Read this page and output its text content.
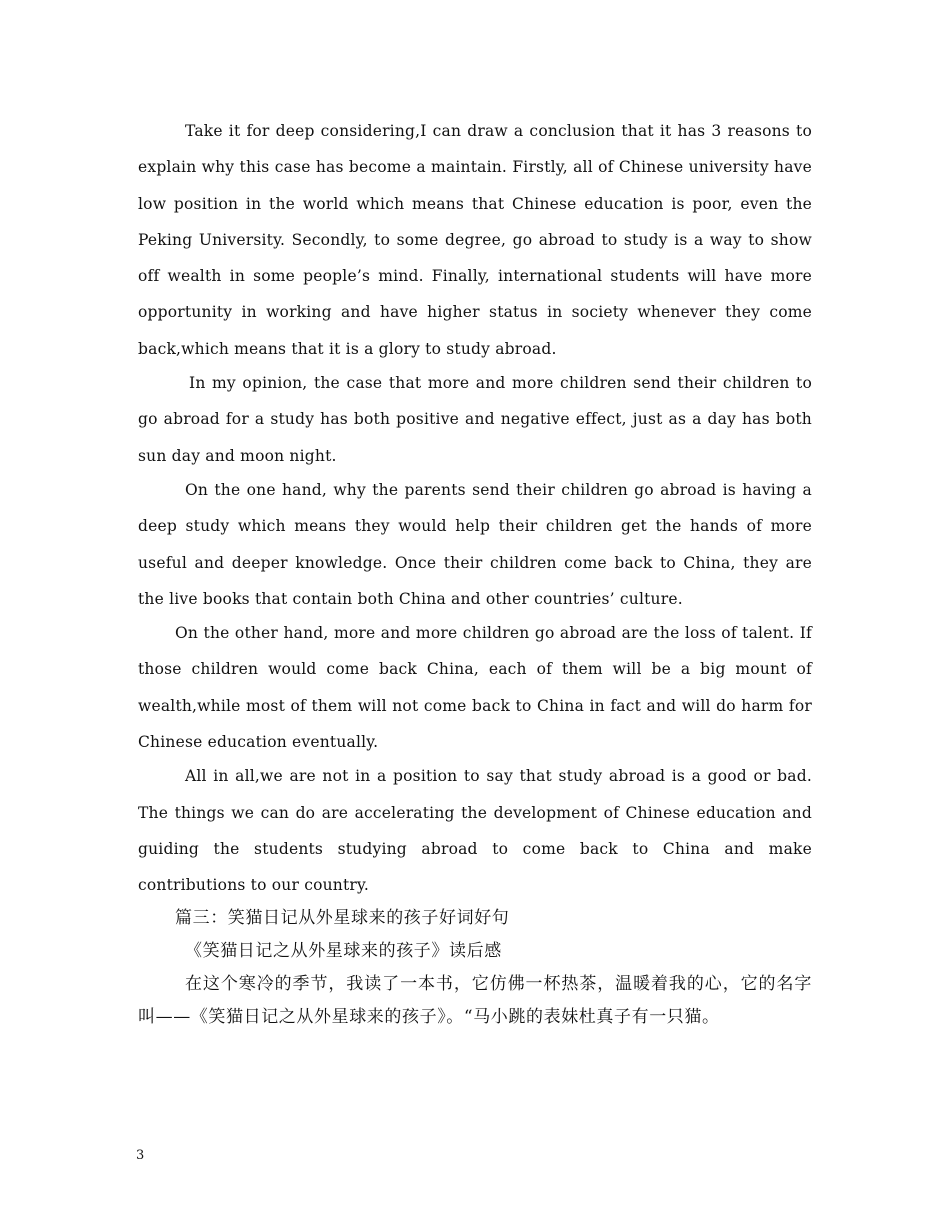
Take it for deep considering,I can draw a conclusion that it has 3 reasons to explain why this case has become a maintain. Firstly, all of Chinese university have low position in the world which means that Chinese education is poor, even the Peking University. Secondly, to some degree, go abroad to study is a way to show off wealth in some people’s mind. Finally, international students will have more opportunity in working and have higher status in society whenever they come back,which means that it is a glory to study abroad.

In my opinion, the case that more and more children send their children to go abroad for a study has both positive and negative effect, just as a day has both sun day and moon night.

On the one hand, why the parents send their children go abroad is having a deep study which means they would help their children get the hands of more useful and deeper knowledge. Once their children come back to China, they are the live books that contain both China and other countries’ culture.

On the other hand, more and more children go abroad are the loss of talent. If those children would come back China, each of them will be a big mount of wealth,while most of them will not come back to China in fact and will do harm for Chinese education eventually.

All in all,we are not in a position to say that study abroad is a good or bad. The things we can do are accelerating the development of Chinese education and guiding the students studying abroad to come back to China and make contributions to our country.

篇三：笑猫日记从外星球来的孩子好词好句

《笑猫日记之从外星球来的孩子》读后感

在这个寒冷的季节，我读了一本书，它仿佛一杯热茶，温暖着我的心，它的名字叫——《笑猫日记之从外星球来的孩子》。“马小跳的表妹杜真子有一只猫。

3
